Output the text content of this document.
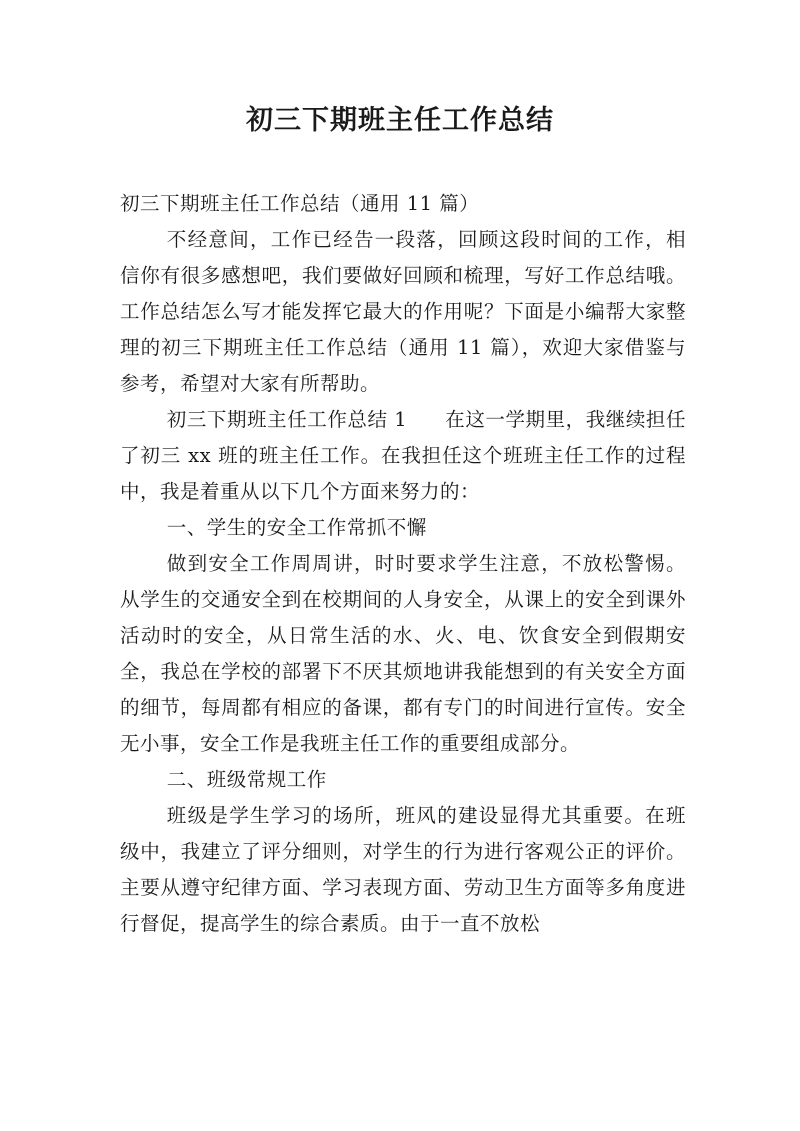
初三下期班主任工作总结

初三下期班主任工作总结（通用 11 篇）

不经意间，工作已经告一段落，回顾这段时间的工作，相信你有很多感想吧，我们要做好回顾和梳理，写好工作总结哦。工作总结怎么写才能发挥它最大的作用呢？下面是小编帮大家整理的初三下期班主任工作总结（通用 11 篇），欢迎大家借鉴与参考，希望对大家有所帮助。

初三下期班主任工作总结 1 在这一学期里，我继续担任了初三 xx 班的班主任工作。在我担任这个班班主任工作的过程中，我是着重从以下几个方面来努力的：

一、学生的安全工作常抓不懈

做到安全工作周周讲，时时要求学生注意，不放松警惕。从学生的交通安全到在校期间的人身安全，从课上的安全到课外活动时的安全，从日常生活的水、火、电、饮食安全到假期安全，我总在学校的部署下不厌其烦地讲我能想到的有关安全方面的细节，每周都有相应的备课，都有专门的时间进行宣传。安全无小事，安全工作是我班主任工作的重要组成部分。

二、班级常规工作

班级是学生学习的场所，班风的建设显得尤其重要。在班级中，我建立了评分细则，对学生的行为进行客观公正的评价。主要从遵守纪律方面、学习表现方面、劳动卫生方面等多角度进行督促，提高学生的综合素质。由于一直不放松
